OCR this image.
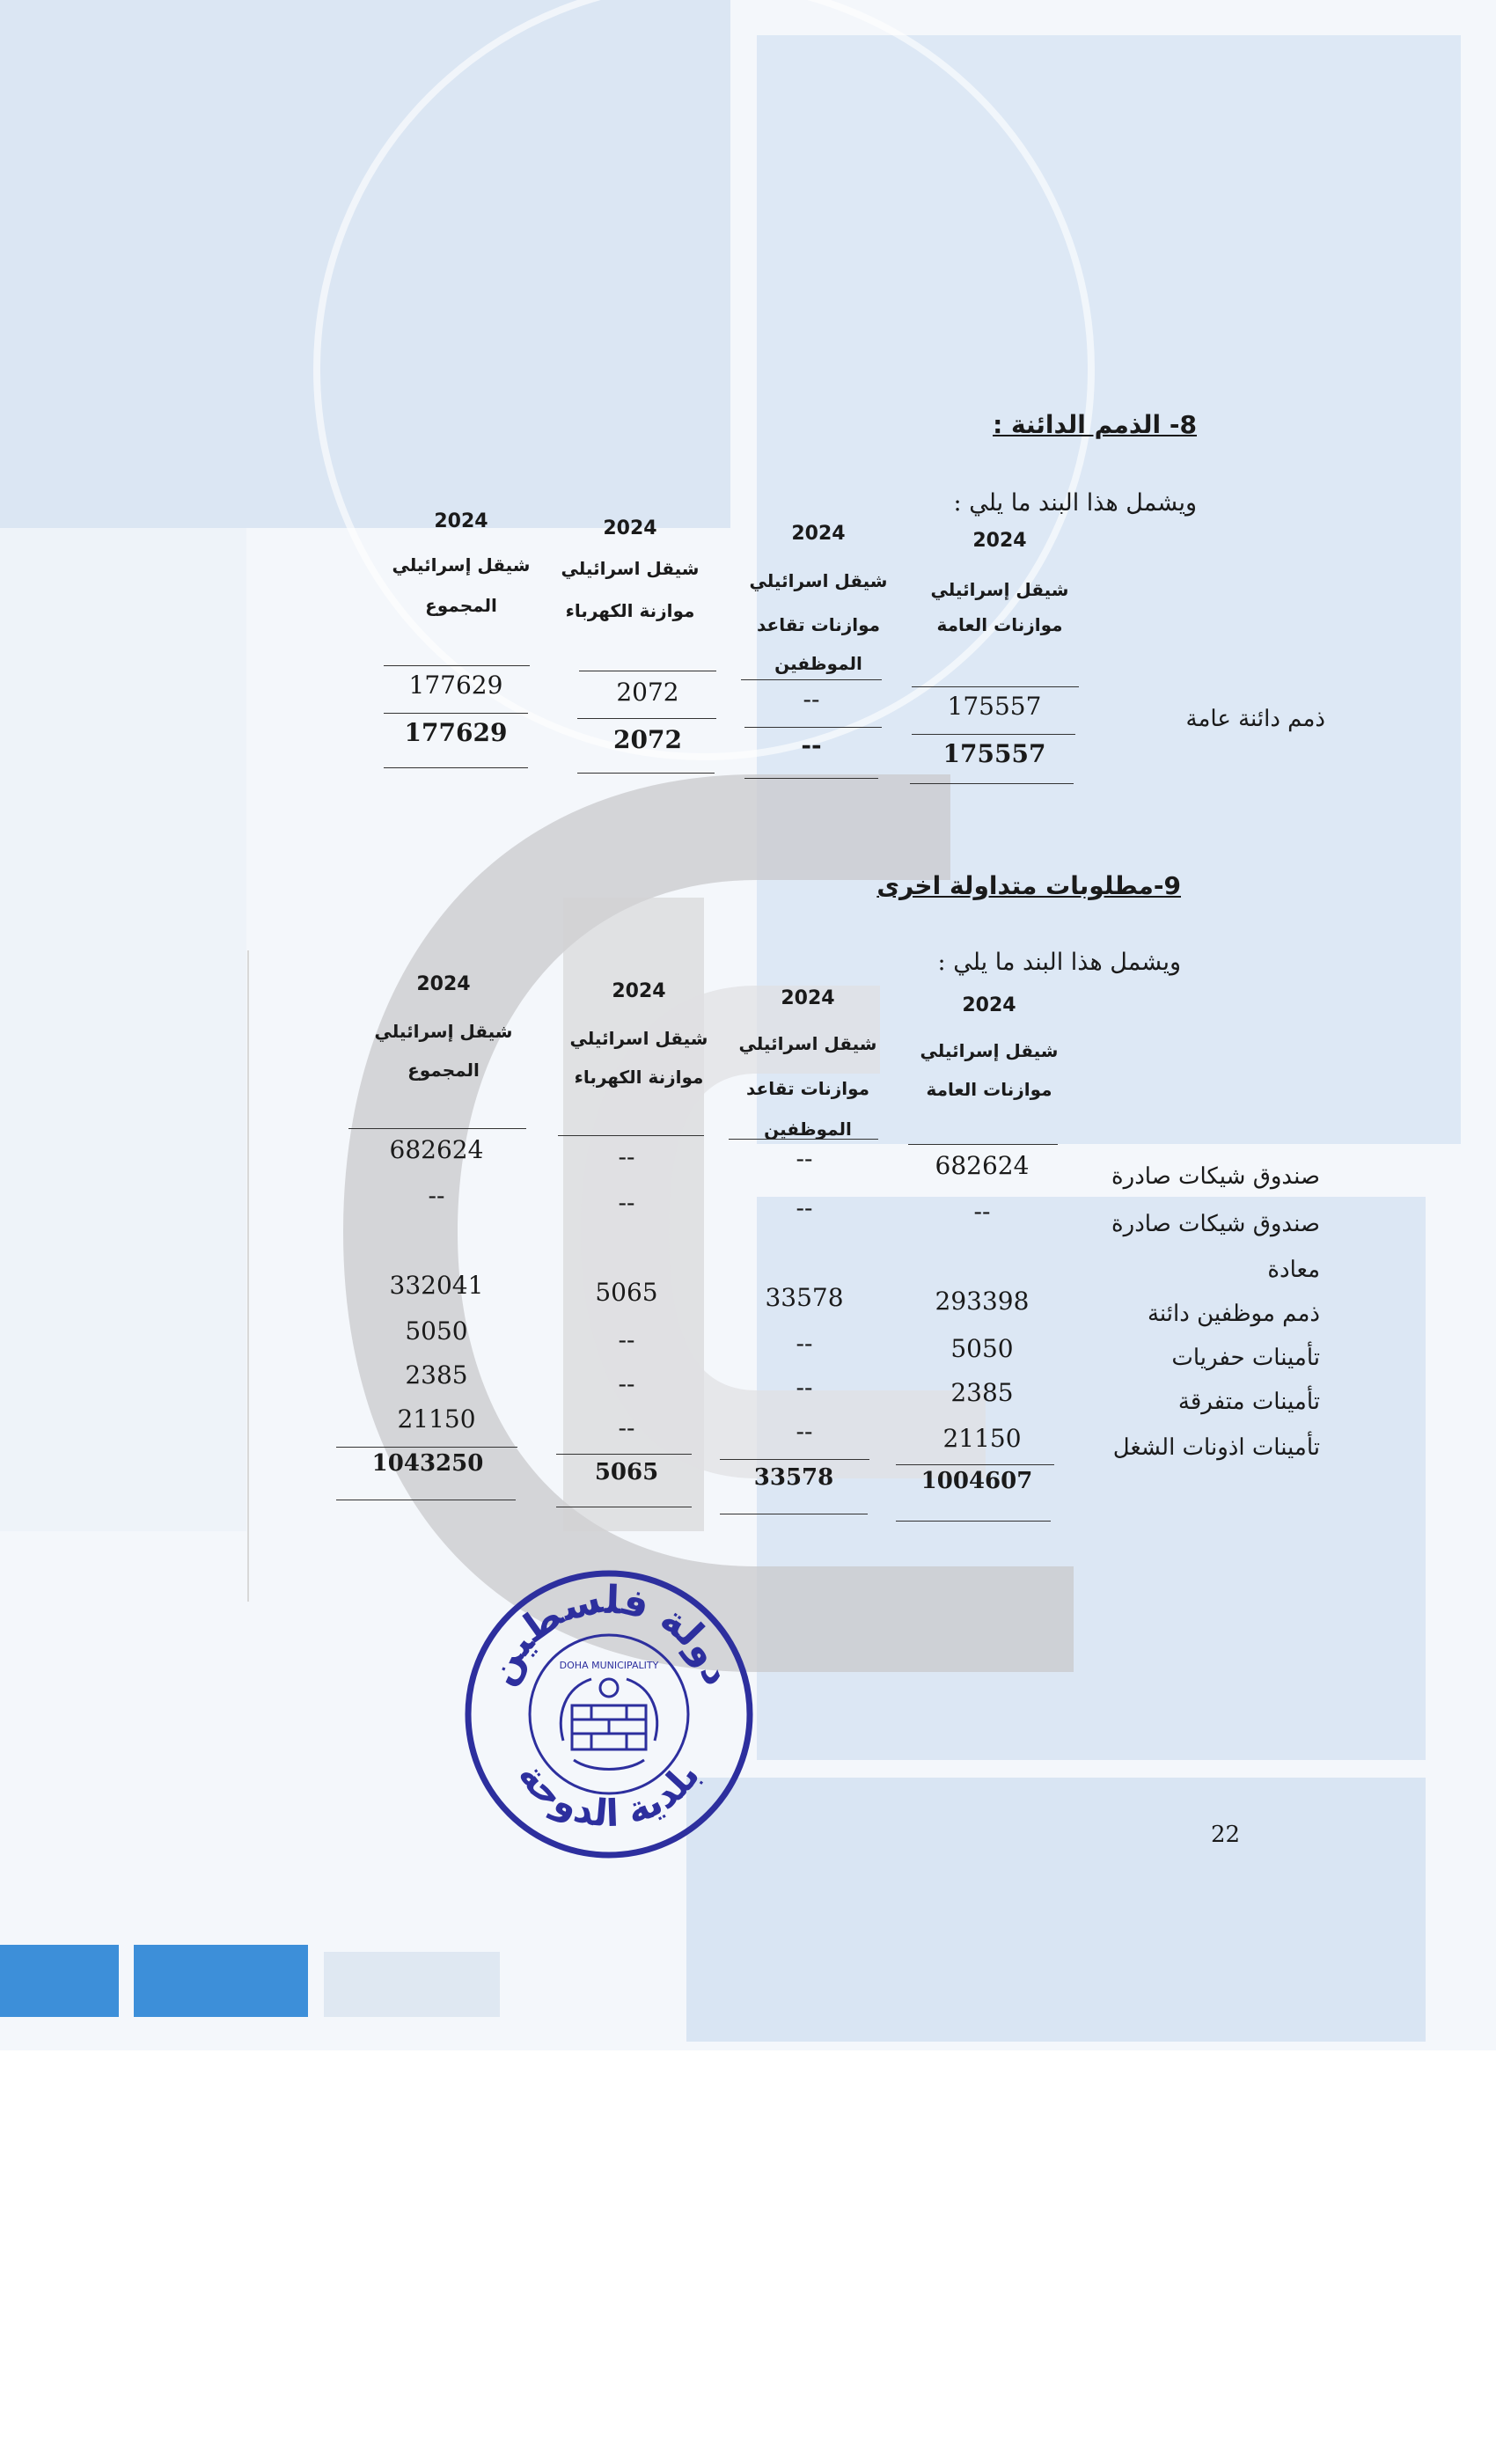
8- الذمم الدائنة :
ويشمل هذا البند ما يلي :
2024
شيقل إسرائيلي
موازنات العامة
2024
شيقل اسرائيلي
موازنات تقاعد الموظفين
2024
شيقل اسرائيلي
موازنة الكهرباء
2024
شيقل إسرائيلي
المجموع
ذمم دائنة عامة
175557
--
2072
177629
175557
--
2072
177629
9-مطلوبات متداولة اخرى
ويشمل هذا البند ما يلي :
2024
شيقل إسرائيلي
موازنات العامة
2024
شيقل اسرائيلي
موازنات تقاعد الموظفين
2024
شيقل اسرائيلي
موازنة الكهرباء
2024
شيقل إسرائيلي
المجموع
صندوق شيكات صادرة
صندوق شيكات صادرة
معادة
ذمم موظفين دائنة
تأمينات حفريات
تأمينات متفرقة
تأمينات اذونات الشغل
682624
--
293398
5050
2385
21150
--
--
33578
--
--
--
--
--
5065
--
--
--
682624
--
332041
5050
2385
21150
1004607
33578
5065
1043250
دولة فلسطين
بلدية الدوحة
DOHA MUNICIPALITY
22
